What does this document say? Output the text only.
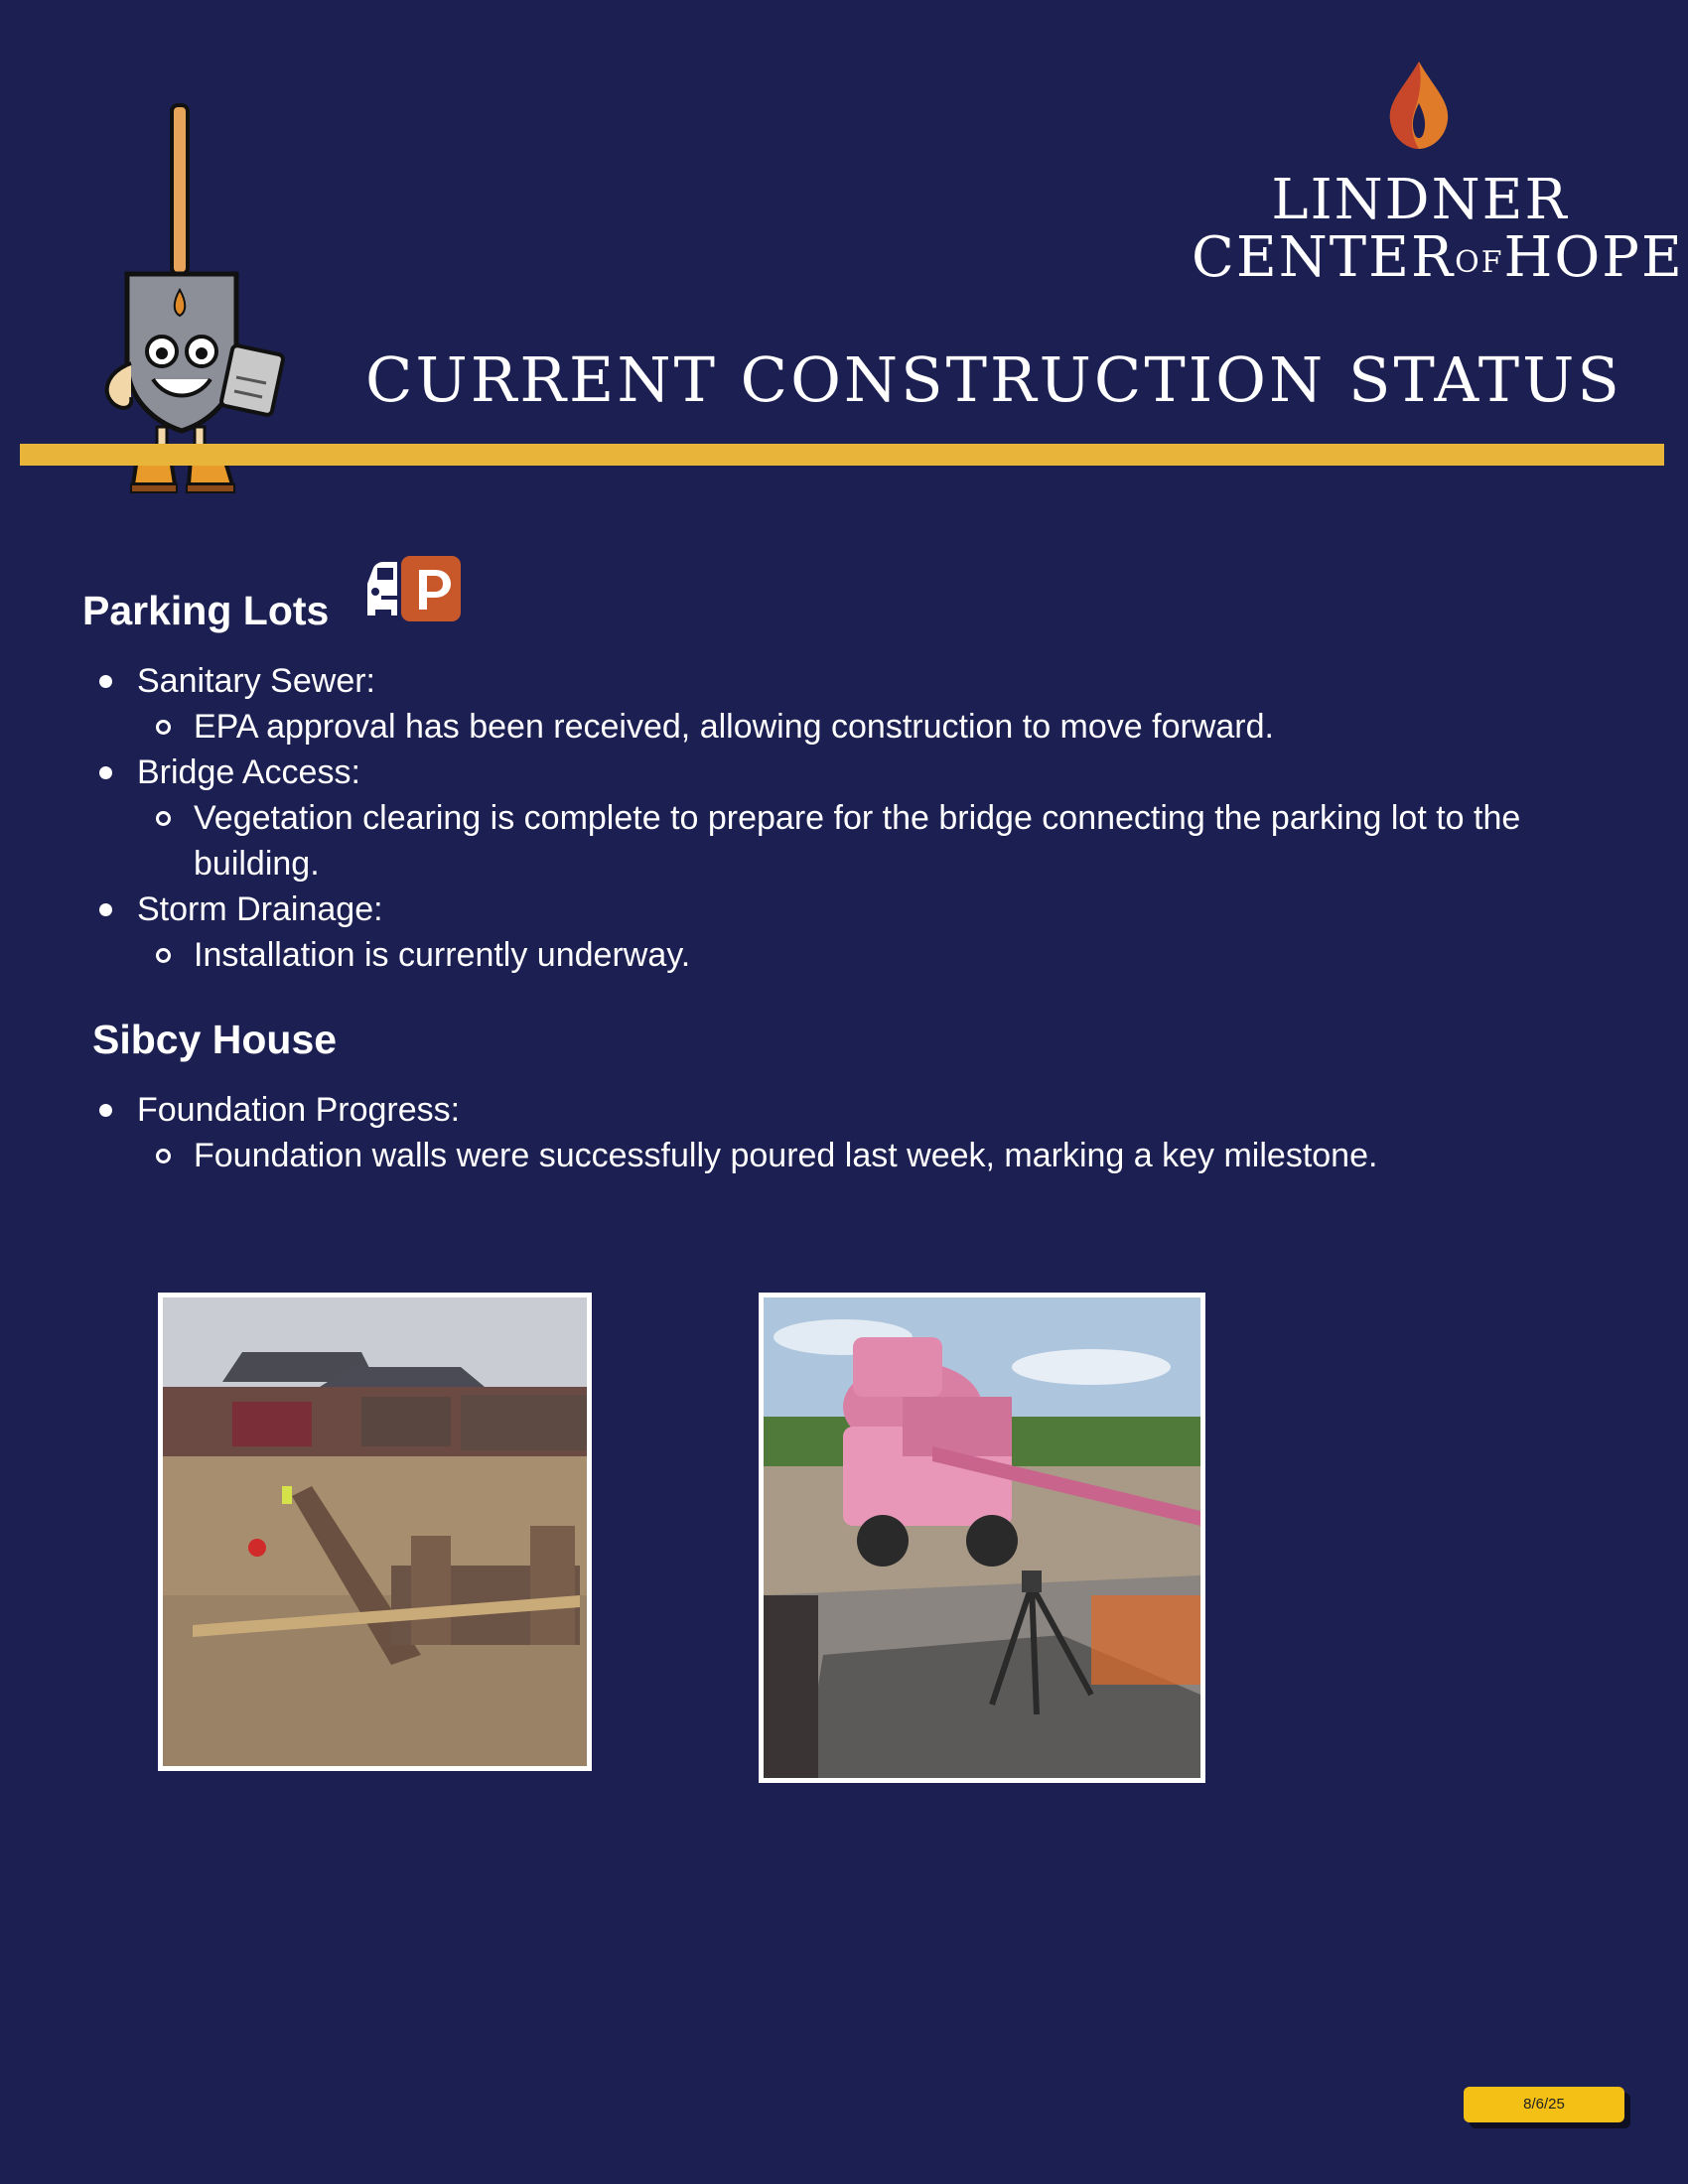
LINDNER
CENTEROFHOPE
CURRENT CONSTRUCTION STATUS
Parking Lots
Sanitary Sewer:
EPA approval has been received, allowing construction to move forward.
Bridge Access:
Vegetation clearing is complete to prepare for the bridge connecting the parking lot to the building.
Storm Drainage:
Installation is currently underway.
Sibcy House
Foundation Progress:
Foundation walls were successfully poured last week, marking a key milestone.
8/6/25
